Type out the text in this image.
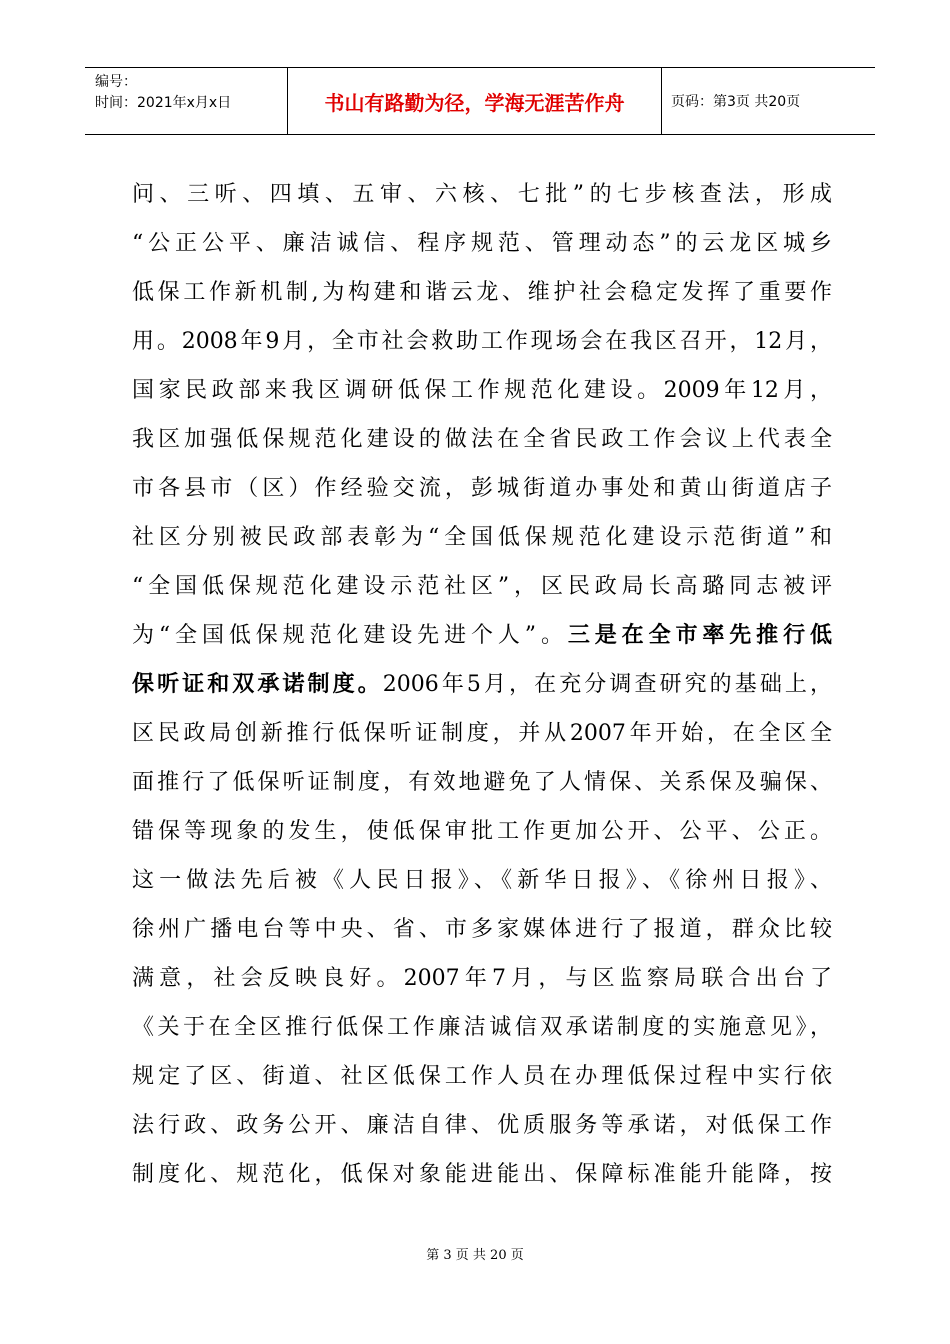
编号：
时间：2021年x月x日	书山有路勤为径，学海无涯苦作舟	页码：第3页 共20页
问、三听、四填、五审、六核、七批”的七步核查法，形成
“公正公平、廉洁诚信、程序规范、管理动态”的云龙区城乡
低保工作新机制,为构建和谐云龙、维护社会稳定发挥了重要作
用。2008年9月，全市社会救助工作现场会在我区召开，12月，
国家民政部来我区调研低保工作规范化建设。2009年12月，
我区加强低保规范化建设的做法在全省民政工作会议上代表全
市各县市（区）作经验交流，彭城街道办事处和黄山街道店子
社区分别被民政部表彰为“全国低保规范化建设示范街道”和
“全国低保规范化建设示范社区”，区民政局长高璐同志被评
为“全国低保规范化建设先进个人”。三是在全市率先推行低
保听证和双承诺制度。2006年5月，在充分调查研究的基础上，
区民政局创新推行低保听证制度，并从2007年开始，在全区全
面推行了低保听证制度，有效地避免了人情保、关系保及骗保、
错保等现象的发生，使低保审批工作更加公开、公平、公正。
这一做法先后被《人民日报》、《新华日报》、《徐州日报》、
徐州广播电台等中央、省、市多家媒体进行了报道，群众比较
满意，社会反映良好。2007年7月，与区监察局联合出台了
《关于在全区推行低保工作廉洁诚信双承诺制度的实施意见》，
规定了区、街道、社区低保工作人员在办理低保过程中实行依
法行政、政务公开、廉洁自律、优质服务等承诺，对低保工作
制度化、规范化，低保对象能进能出、保障标准能升能降，按
第 3 页 共 20 页
